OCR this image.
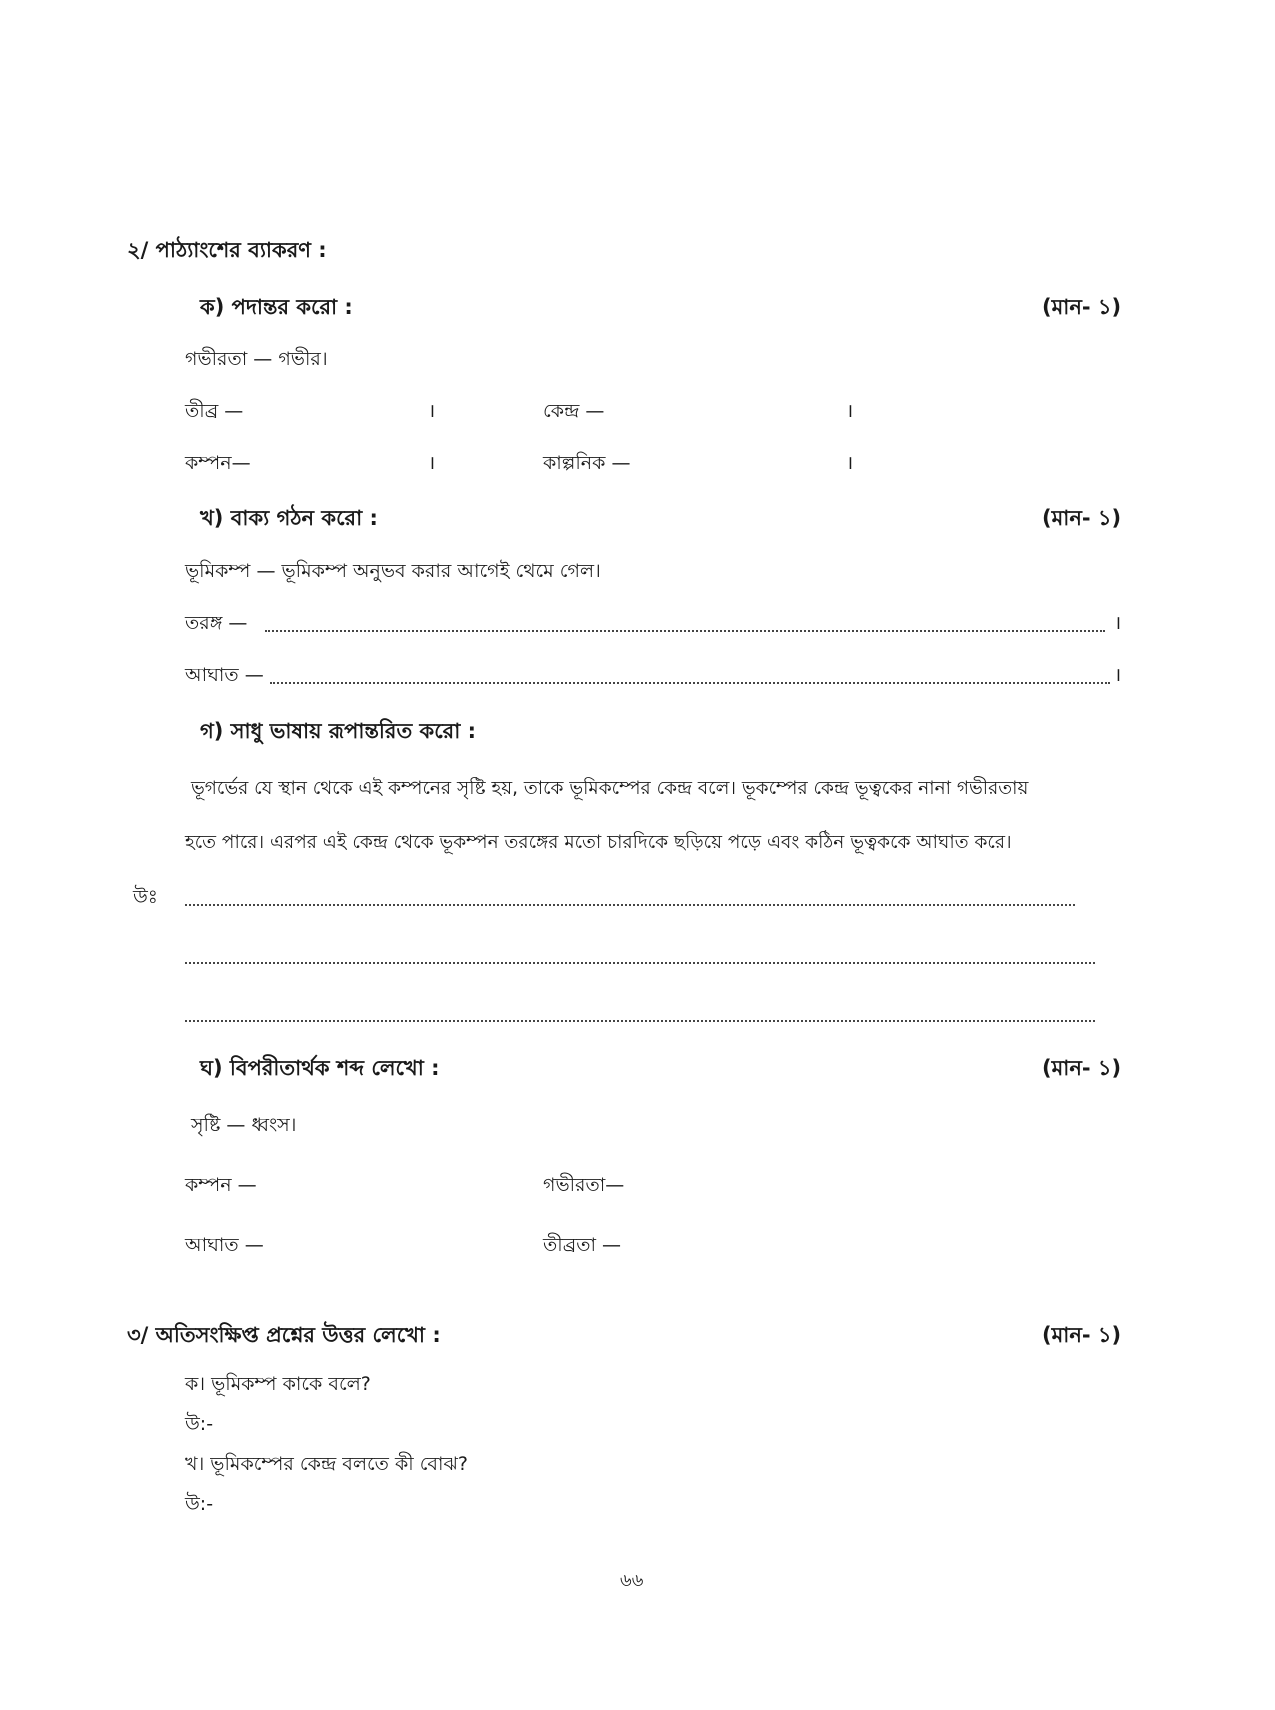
২/ পাঠ্যাংশের ব্যাকরণ :
ক) পদান্তর করো :	(মান- ১)
গভীরতা — গভীর।
তীব্র —	।	কেন্দ্র —	।
কম্পন—	।	কাল্পনিক —	।
খ) বাক্য গঠন করো :	(মান- ১)
ভূমিকম্প — ভূমিকম্প অনুভব করার আগেই থেমে গেল।
তরঙ্গ —	।
আঘাত —	।
গ) সাধু ভাষায় রূপান্তরিত করো :
ভূগর্ভের যে স্থান থেকে এই কম্পনের সৃষ্টি হয়, তাকে ভূমিকম্পের কেন্দ্র বলে। ভূকম্পের কেন্দ্র ভূত্বকের নানা গভীরতায়
হতে পারে। এরপর এই কেন্দ্র থেকে ভূকম্পন তরঙ্গের মতো চারদিকে ছড়িয়ে পড়ে এবং কঠিন ভূত্বককে আঘাত করে।
উঃ
ঘ) বিপরীতার্থক শব্দ লেখো :	(মান- ১)
সৃষ্টি — ধ্বংস।
কম্পন —	গভীরতা—
আঘাত —	তীব্রতা —
৩/ অতিসংক্ষিপ্ত প্রশ্নের উত্তর লেখো :	(মান- ১)
ক। ভূমিকম্প কাকে বলে?
উ:-
খ। ভূমিকম্পের কেন্দ্র বলতে কী বোঝ?
উ:-
৬৬
